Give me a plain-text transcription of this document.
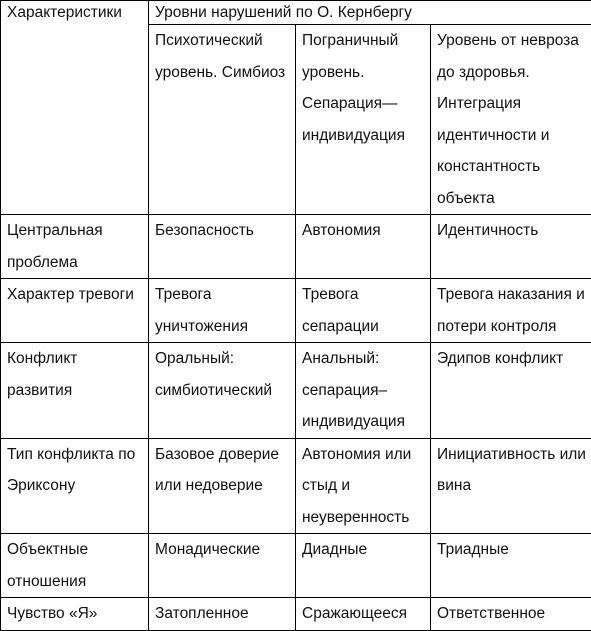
Характеристики	Уровни нарушений по О. Кернбергу		
	Психотический уровень. Симбиоз	Пограничный уровень. Сепарация—индивидуация	Уровень от невроза до здоровья. Интеграция идентичности и константность объекта
Центральная проблема	Безопасность	Автономия	Идентичность
Характер тревоги	Тревога уничтожения	Тревога сепарации	Тревога наказания и потери контроля
Конфликт развития	Оральный: симбиотический	Анальный: сепарация–индивидуация	Эдипов конфликт
Тип конфликта по Эриксону	Базовое доверие или недоверие	Автономия или стыд и неуверенность	Инициативность или вина
Объектные отношения	Монадические	Диадные	Триадные
Чувство «Я»	Затопленное	Сражающееся	Ответственное
